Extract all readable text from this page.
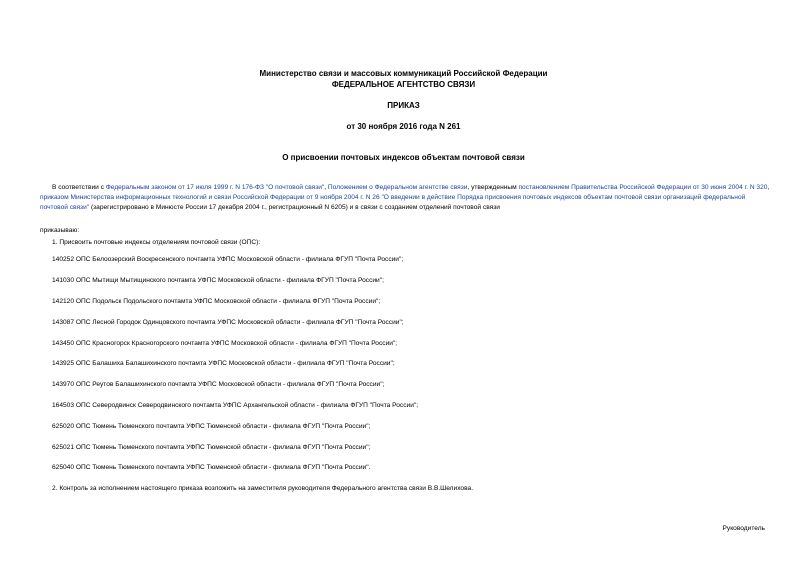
Министерство связи и массовых коммуникаций Российской Федерации
ФЕДЕРАЛЬНОЕ АГЕНТСТВО СВЯЗИ
ПРИКАЗ
от 30 ноября 2016 года N 261
О присвоении почтовых индексов объектам почтовой связи
В соответствии с Федеральным законом от 17 июля 1999 г. N 176-ФЗ "О почтовой связи", Положением о Федеральном агентстве связи, утвержденным постановлением Правительства Российской Федерации от 30 июня 2004 г. N 320, приказом Министерства информационных технологий и связи Российской Федерации от 9 ноября 2004 г. N 26 "О введении в действие Порядка присвоения почтовых индексов объектам почтовой связи организаций федеральной почтовой связи" (зарегистрировано в Минюсте России 17 декабря 2004 г., регистрационный N 6205) и в связи с созданием отделений почтовой связи
приказываю:
1. Присвоить почтовые индексы отделениям почтовой связи (ОПС):
140252 ОПС Белоозерский Воскресенского почтамта УФПС Московской области - филиала ФГУП "Почта России";
141030 ОПС Мытищи Мытищинского почтамта УФПС Московской области - филиала ФГУП "Почта России";
142120 ОПС Подольск Подольского почтамта УФПС Московской области - филиала ФГУП "Почта России";
143087 ОПС Лесной Городок Одинцовского почтамта УФПС Московской области - филиала ФГУП "Почта России";
143450 ОПС Красногорск Красногорского почтамта УФПС Московской области - филиала ФГУП "Почта России";
143925 ОПС Балашиха Балашихинского почтамта УФПС Московской области - филиала ФГУП "Почта России";
143970 ОПС Реутов Балашихинского почтамта УФПС Московской области - филиала ФГУП "Почта России";
164503 ОПС Северодвинск Северодвинского почтамта УФПС Архангельской области - филиала ФГУП "Почта России";
625020 ОПС Тюмень Тюменского почтамта УФПС Тюменской области - филиала ФГУП "Почта России";
625021 ОПС Тюмень Тюменского почтамта УФПС Тюменской области - филиала ФГУП "Почта России";
625040 ОПС Тюмень Тюменского почтамта УФПС Тюменской области - филиала ФГУП "Почта России".
2. Контроль за исполнением настоящего приказа возложить на заместителя руководителя Федерального агентства связи В.В.Шелихова.
Руководитель
